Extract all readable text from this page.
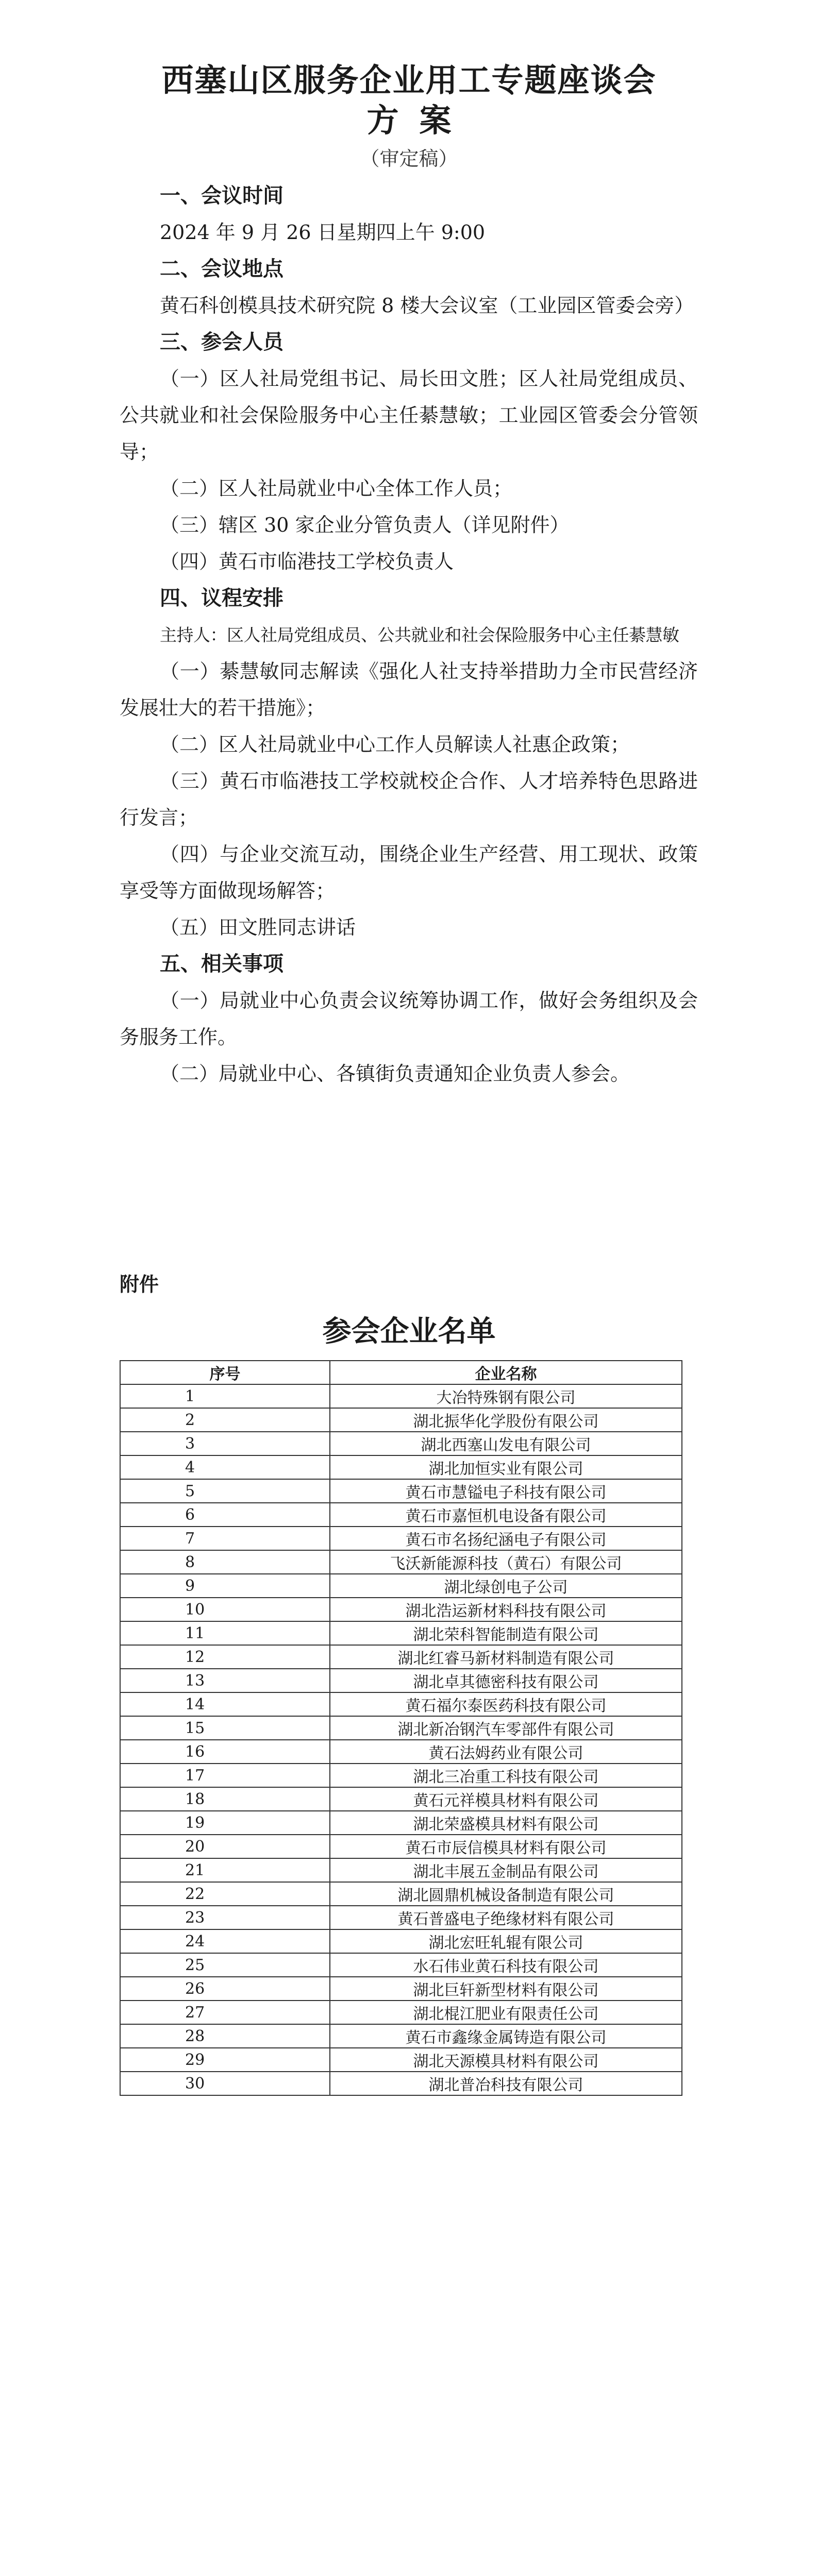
西塞山区服务企业用工专题座谈会
方案
（审定稿）

一、会议时间

2024 年 9 月 26 日星期四上午 9:00

二、会议地点

黄石科创模具技术研究院 8 楼大会议室（工业园区管委会旁）

三、参会人员

（一）区人社局党组书记、局长田文胜；区人社局党组成员、公共就业和社会保险服务中心主任綦慧敏；工业园区管委会分管领导；

（二）区人社局就业中心全体工作人员；

（三）辖区 30 家企业分管负责人（详见附件）

（四）黄石市临港技工学校负责人

四、议程安排

主持人：区人社局党组成员、公共就业和社会保险服务中心主任綦慧敏

（一）綦慧敏同志解读《强化人社支持举措助力全市民营经济发展壮大的若干措施》；

（二）区人社局就业中心工作人员解读人社惠企政策；

（三）黄石市临港技工学校就校企合作、人才培养特色思路进行发言；

（四）与企业交流互动，围绕企业生产经营、用工现状、政策享受等方面做现场解答；

（五）田文胜同志讲话

五、相关事项

（一）局就业中心负责会议统筹协调工作，做好会务组织及会务服务工作。

（二）局就业中心、各镇街负责通知企业负责人参会。

附件
参会企业名单
序号	企业名称
1	大冶特殊钢有限公司
2	湖北振华化学股份有限公司
3	湖北西塞山发电有限公司
4	湖北加恒实业有限公司
5	黄石市慧镒电子科技有限公司
6	黄石市嘉恒机电设备有限公司
7	黄石市名扬纪涵电子有限公司
8	飞沃新能源科技（黄石）有限公司
9	湖北绿创电子公司
10	湖北浩运新材料科技有限公司
11	湖北荣科智能制造有限公司
12	湖北红睿马新材料制造有限公司
13	湖北卓其德密科技有限公司
14	黄石福尔泰医药科技有限公司
15	湖北新冶钢汽车零部件有限公司
16	黄石法姆药业有限公司
17	湖北三冶重工科技有限公司
18	黄石元祥模具材料有限公司
19	湖北荣盛模具材料有限公司
20	黄石市辰信模具材料有限公司
21	湖北丰展五金制品有限公司
22	湖北圆鼎机械设备制造有限公司
23	黄石普盛电子绝缘材料有限公司
24	湖北宏旺轧辊有限公司
25	水石伟业黄石科技有限公司
26	湖北巨轩新型材料有限公司
27	湖北棍江肥业有限责任公司
28	黄石市鑫缘金属铸造有限公司
29	湖北天源模具材料有限公司
30	湖北普冶科技有限公司
